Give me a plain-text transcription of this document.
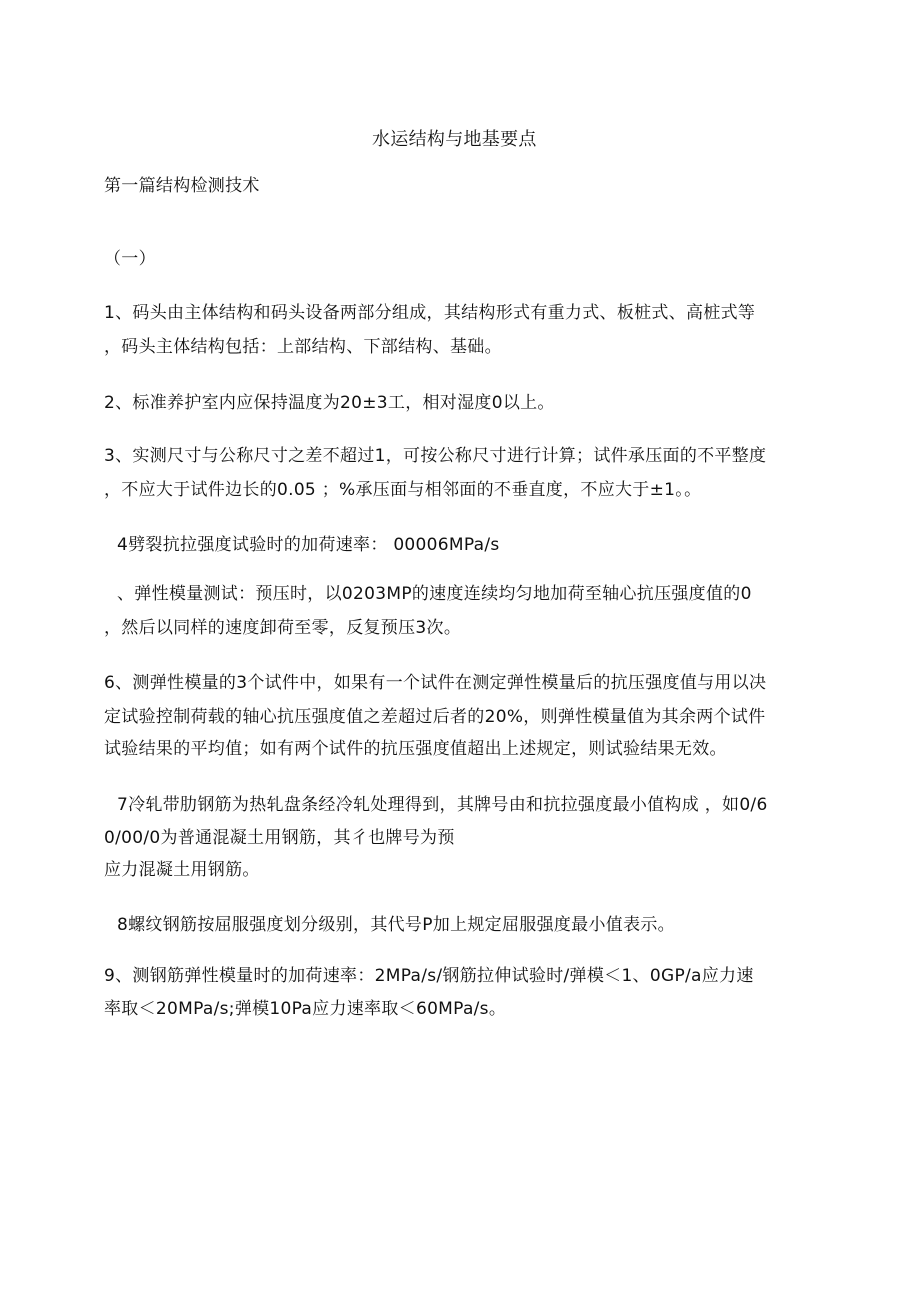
水运结构与地基要点
第一篇结构检测技术
（一）
1、码头由主体结构和码头设备两部分组成，其结构形式有重力式、板桩式、高桩式等
，码头主体结构包括：上部结构、下部结构、基础。
2、标准养护室内应保持温度为20±3工，相对湿度0以上。
3、实测尺寸与公称尺寸之差不超过1，可按公称尺寸进行计算；试件承压面的不平整度
，不应大于试件边长的0.05 ；%承压面与相邻面的不垂直度，不应大于±1。。
4劈裂抗拉强度试验时的加荷速率： 00006MPa/s
、弹性模量测试：预压时，以0203MP的速度连续均匀地加荷至轴心抗压强度值的0
，然后以同样的速度卸荷至零，反复预压3次。
6、测弹性模量的3个试件中，如果有一个试件在测定弹性模量后的抗压强度值与用以决
定试验控制荷载的轴心抗压强度值之差超过后者的20%，则弹性模量值为其余两个试件
试验结果的平均值；如有两个试件的抗压强度值超出上述规定，则试验结果无效。
7冷轧带肋钢筋为热轧盘条经冷轧处理得到，其牌号由和抗拉强度最小值构成 ，如0/6
0/00/0为普通混凝土用钢筋，其彳也牌号为预
应力混凝土用钢筋。
8螺纹钢筋按屈服强度划分级别，其代号P加上规定屈服强度最小值表示。
9、测钢筋弹性模量时的加荷速率：2MPa/s/钢筋拉伸试验时/弹模＜1、0GP/a应力速
率取＜20MPa/s;弹模10Pa应力速率取＜60MPa/s。
